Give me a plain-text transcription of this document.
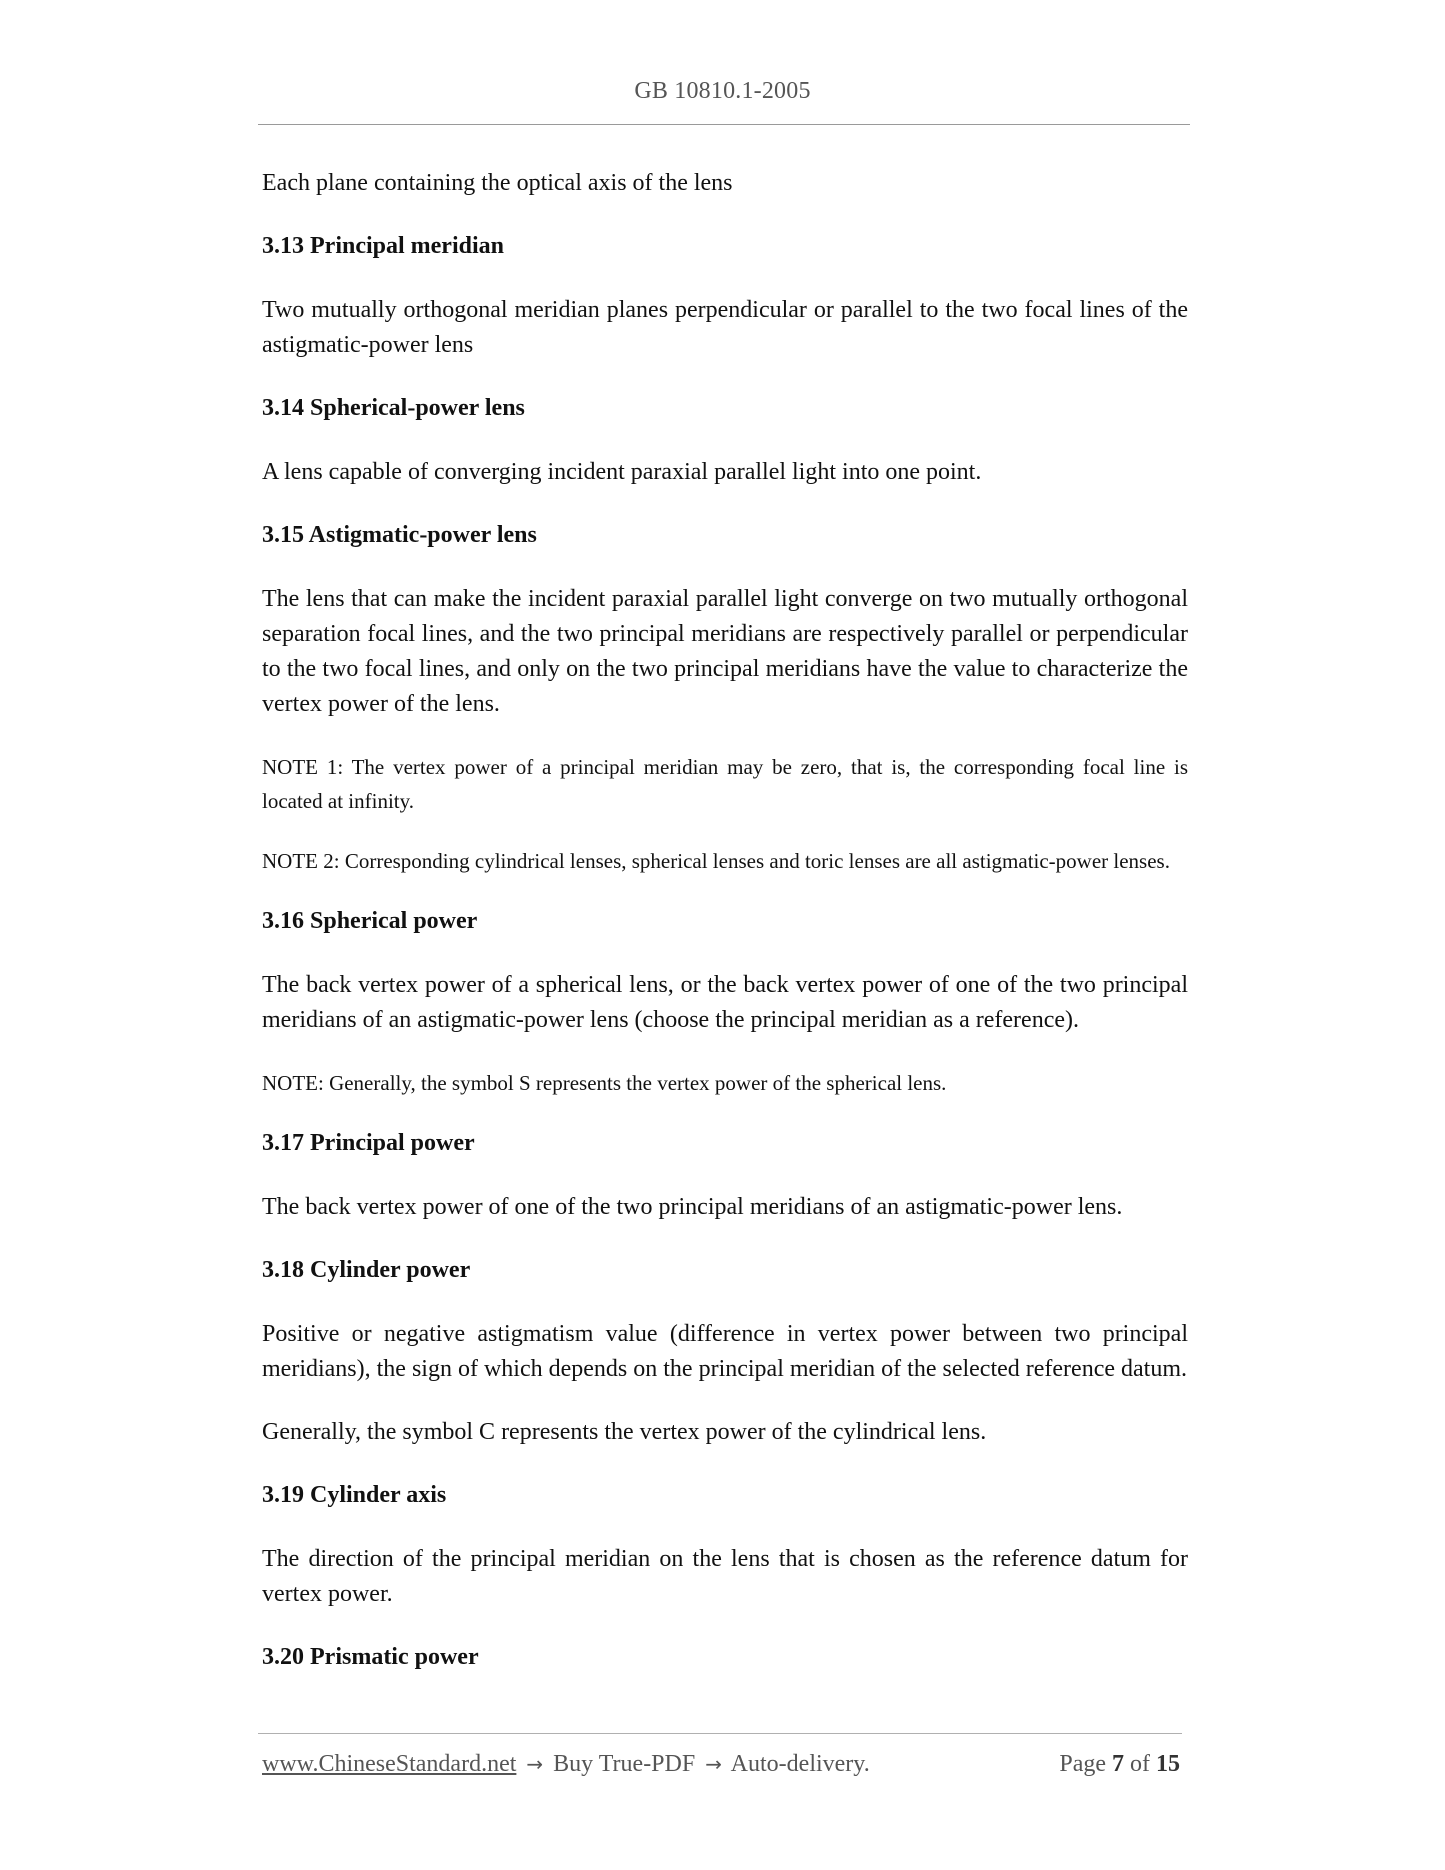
GB 10810.1-2005

Each plane containing the optical axis of the lens

3.13 Principal meridian

Two mutually orthogonal meridian planes perpendicular or parallel to the two focal lines of the astigmatic-power lens

3.14 Spherical-power lens

A lens capable of converging incident paraxial parallel light into one point.

3.15 Astigmatic-power lens

The lens that can make the incident paraxial parallel light converge on two mutually orthogonal separation focal lines, and the two principal meridians are respectively parallel or perpendicular to the two focal lines, and only on the two principal meridians have the value to characterize the vertex power of the lens.

NOTE 1: The vertex power of a principal meridian may be zero, that is, the corresponding focal line is located at infinity.

NOTE 2: Corresponding cylindrical lenses, spherical lenses and toric lenses are all astigmatic-power lenses.

3.16 Spherical power

The back vertex power of a spherical lens, or the back vertex power of one of the two principal meridians of an astigmatic-power lens (choose the principal meridian as a reference).

NOTE: Generally, the symbol S represents the vertex power of the spherical lens.

3.17 Principal power

The back vertex power of one of the two principal meridians of an astigmatic-power lens.

3.18 Cylinder power

Positive or negative astigmatism value (difference in vertex power between two principal meridians), the sign of which depends on the principal meridian of the selected reference datum.

Generally, the symbol C represents the vertex power of the cylindrical lens.

3.19 Cylinder axis

The direction of the principal meridian on the lens that is chosen as the reference datum for vertex power.

3.20 Prismatic power
www.ChineseStandard.net → Buy True-PDF → Auto-delivery.	Page 7 of 15
